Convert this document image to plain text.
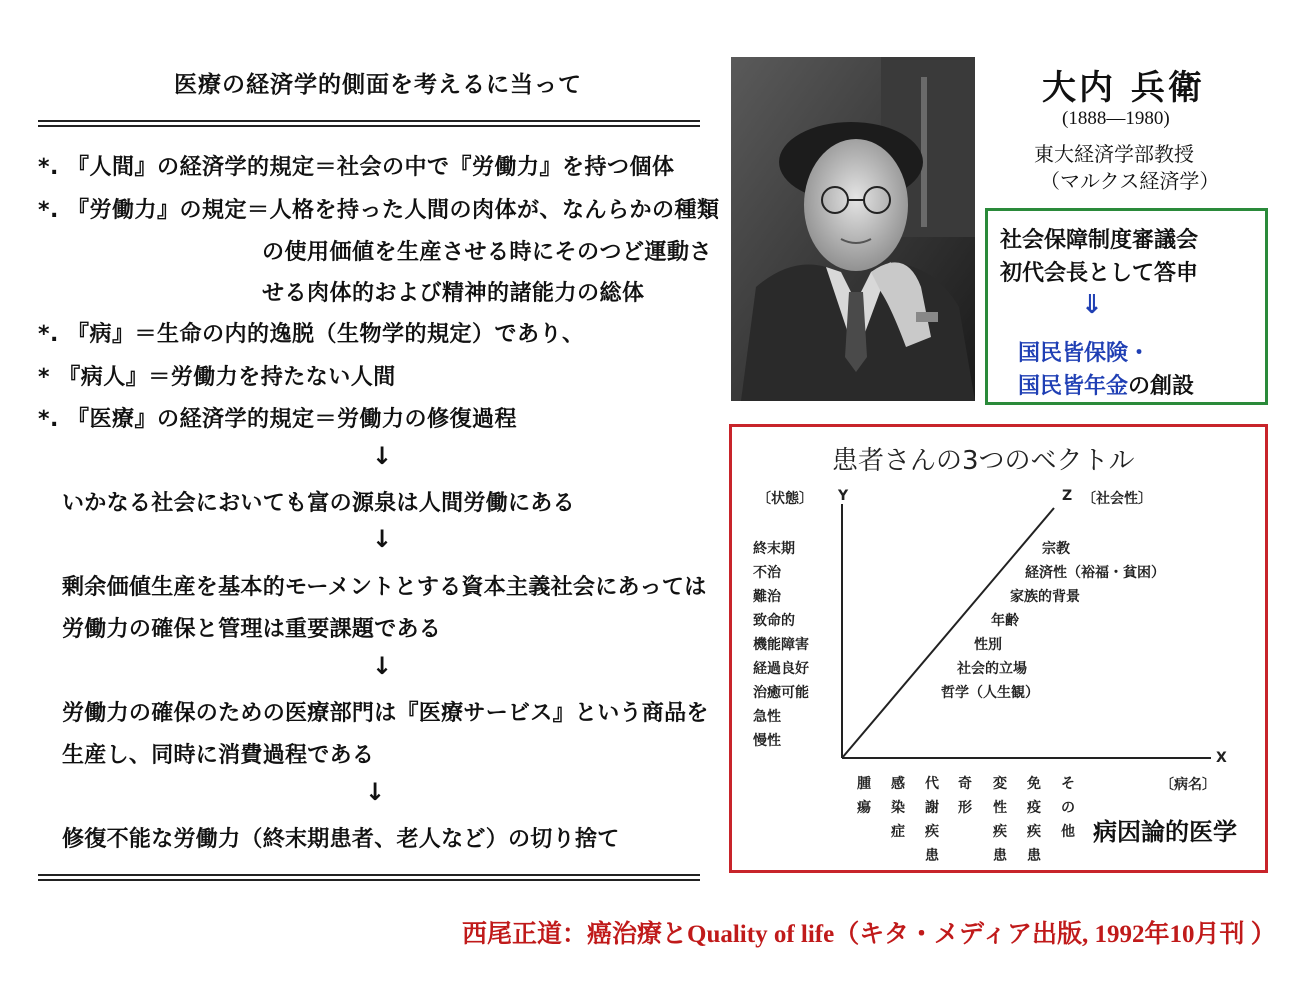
医療の経済学的側面を考えるに当って
*. 『人間』の経済学的規定＝社会の中で『労働力』を持つ個体
*. 『労働力』の規定＝人格を持った人間の肉体が、なんらかの種類
の使用価値を生産させる時にそのつど運動さ
せる肉体的および精神的諸能力の総体
*. 『病』＝生命の内的逸脱（生物学的規定）であり、
* 『病人』＝労働力を持たない人間
*. 『医療』の経済学的規定＝労働力の修復過程
↓
いかなる社会においても富の源泉は人間労働にある
↓
剰余価値生産を基本的モーメントとする資本主義社会にあっては
労働力の確保と管理は重要課題である
↓
労働力の確保のための医療部門は『医療サービス』という商品を
生産し、同時に消費過程である
↓
修復不能な労働力（終末期患者、老人など）の切り捨て
大内 兵衛
(1888—1980)
東大経済学部教授
（マルクス経済学）
社会保障制度審議会
初代会長として答申
⇓
国民皆保険・
国民皆年金の創設
患者さんの3つのベクトル
〔状態〕 Y	Z 〔社会性〕
X
〔病名〕
終末期
不治
難治
致命的
機能障害
経過良好
治癒可能
急性
慢性
宗教
経済性（裕福・貧困）
家族的背景
年齢
性別
社会的立場
哲学（人生観）
腫瘍
感染症
代謝疾患
奇形
変性疾患
免疫疾患
その他 病因論的医学
西尾正道：癌治療とQuality of life（キタ・メディア出版, 1992年10月刊 ）
